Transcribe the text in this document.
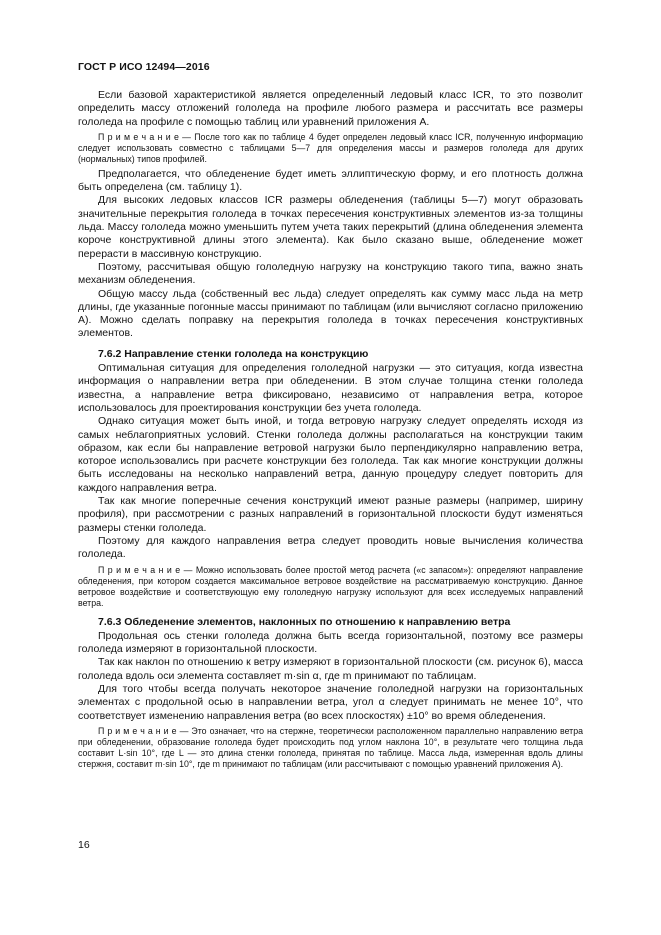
ГОСТ Р ИСО 12494—2016

Если базовой характеристикой является определенный ледовый класс ICR, то это позволит определить массу отложений гололеда на профиле любого размера и рассчитать все размеры гололеда на профиле с помощью таблиц или уравнений приложения А.

П р и м е ч а н и е — После того как по таблице 4 будет определен ледовый класс ICR, полученную информацию следует использовать совместно с таблицами 5—7 для определения массы и размеров гололеда для других (нормальных) типов профилей.

Предполагается, что обледенение будет иметь эллиптическую форму, и его плотность должна быть определена (см. таблицу 1).

Для высоких ледовых классов ICR размеры обледенения (таблицы 5—7) могут образовать значительные перекрытия гололеда в точках пересечения конструктивных элементов из-за толщины льда. Массу гололеда можно уменьшить путем учета таких перекрытий (длина обледенения элемента короче конструктивной длины этого элемента). Как было сказано выше, обледенение может перерасти в массивную конструкцию.

Поэтому, рассчитывая общую гололедную нагрузку на конструкцию такого типа, важно знать механизм обледенения.

Общую массу льда (собственный вес льда) следует определять как сумму масс льда на метр длины, где указанные погонные массы принимают по таблицам (или вычисляют согласно приложению А). Можно сделать поправку на перекрытия гололеда в точках пересечения конструктивных элементов.

7.6.2 Направление стенки гололеда на конструкцию

Оптимальная ситуация для определения гололедной нагрузки — это ситуация, когда известна информация о направлении ветра при обледенении. В этом случае толщина стенки гололеда известна, а направление ветра фиксировано, независимо от направления ветра, которое использовалось для проектирования конструкции без учета гололеда.

Однако ситуация может быть иной, и тогда ветровую нагрузку следует определять исходя из самых неблагоприятных условий. Стенки гололеда должны располагаться на конструкции таким образом, как если бы направление ветровой нагрузки было перпендикулярно направлению ветра, которое использовались при расчете конструкции без гололеда. Так как многие конструкции должны быть исследованы на несколько направлений ветра, данную процедуру следует повторить для каждого направления ветра.

Так как многие поперечные сечения конструкций имеют разные размеры (например, ширину профиля), при рассмотрении с разных направлений в горизонтальной плоскости будут изменяться размеры стенки гололеда.

Поэтому для каждого направления ветра следует проводить новые вычисления количества гололеда.

П р и м е ч а н и е — Можно использовать более простой метод расчета («с запасом»): определяют направление обледенения, при котором создается максимальное ветровое воздействие на рассматриваемую конструкцию. Данное ветровое воздействие и соответствующую ему гололедную нагрузку используют для всех исследуемых направлений ветра.

7.6.3 Обледенение элементов, наклонных по отношению к направлению ветра

Продольная ось стенки гололеда должна быть всегда горизонтальной, поэтому все размеры гололеда измеряют в горизонтальной плоскости.

Так как наклон по отношению к ветру измеряют в горизонтальной плоскости (см. рисунок 6), масса гололеда вдоль оси элемента составляет m·sin α, где m принимают по таблицам.

Для того чтобы всегда получать некоторое значение гололедной нагрузки на горизонтальных элементах с продольной осью в направлении ветра, угол α следует принимать не менее 10°, что соответствует изменению направления ветра (во всех плоскостях) ±10° во время обледенения.

П р и м е ч а н и е — Это означает, что на стержне, теоретически расположенном параллельно направлению ветра при обледенении, образование гололеда будет происходить под углом наклона 10°, в результате чего толщина льда составит L·sin 10°, где L — это длина стенки гололеда, принятая по таблице. Масса льда, измеренная вдоль длины стержня, составит m·sin 10°, где m принимают по таблицам (или рассчитывают с помощью уравнений приложения А).

16
